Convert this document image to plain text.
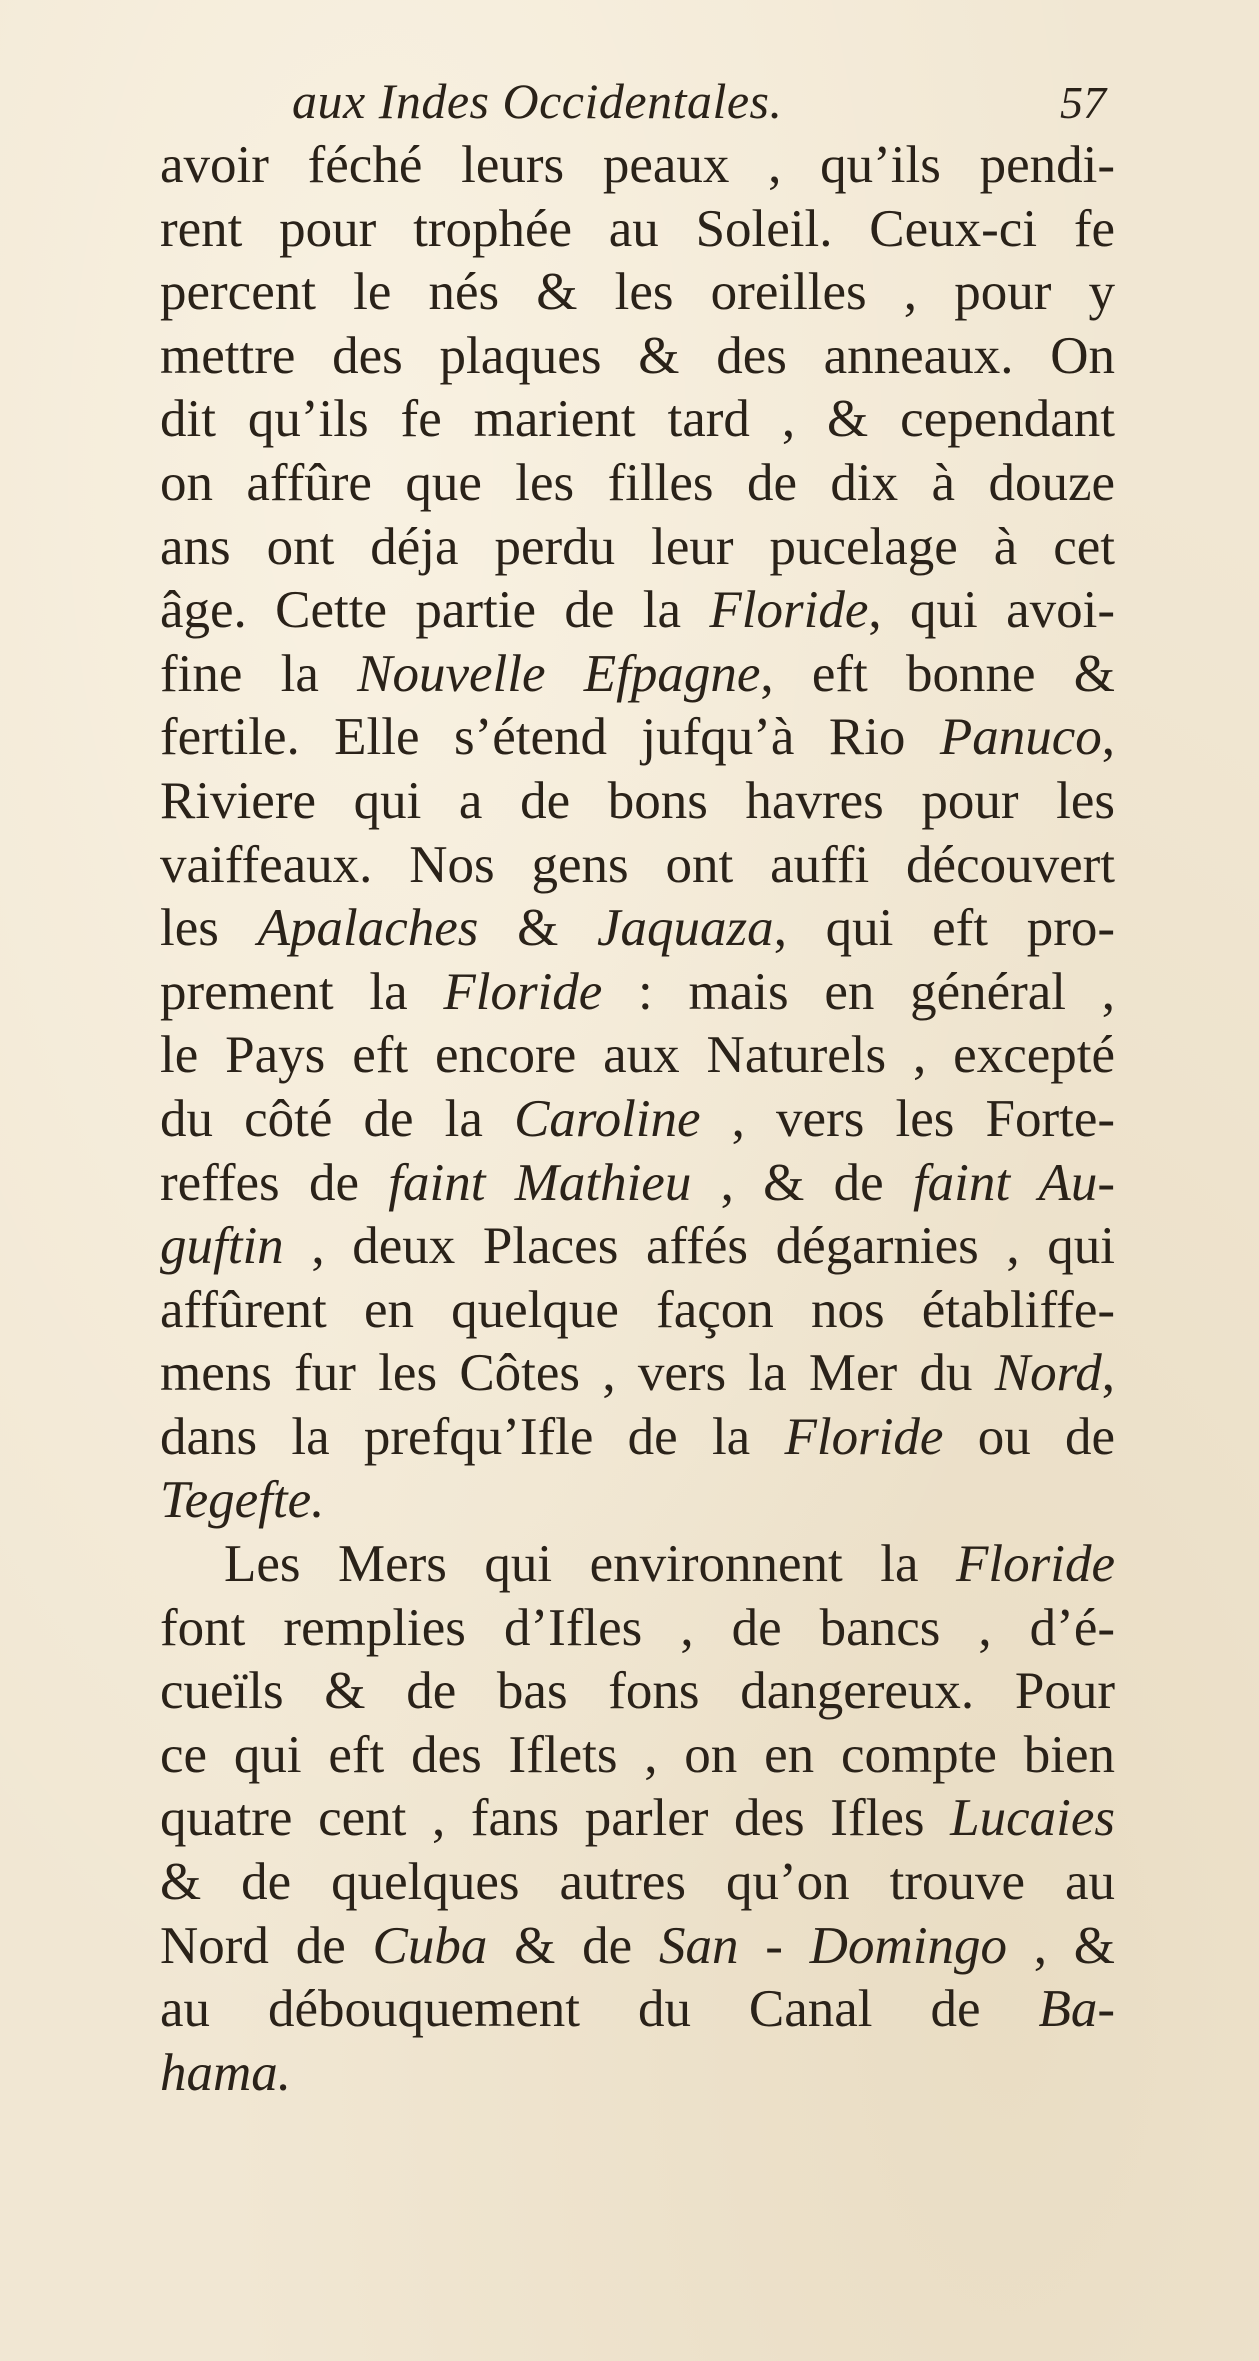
aux Indes Occidentales.	57
avoir féché leurs peaux , qu’ils pendi-
rent pour trophée au Soleil. Ceux-ci fe
percent le nés & les oreilles , pour y
mettre des plaques & des anneaux. On
dit qu’ils fe marient tard , & cependant
on affûre que les filles de dix à douze
ans ont déja perdu leur pucelage à cet
âge. Cette partie de la Floride, qui avoi-
fine la Nouvelle Efpagne, eft bonne &
fertile. Elle s’étend jufqu’à Rio Panuco,
Riviere qui a de bons havres pour les
vaiffeaux. Nos gens ont auffi découvert
les Apalaches & Jaquaza, qui eft pro-
prement la Floride : mais en général ,
le Pays eft encore aux Naturels , excepté
du côté de la Caroline , vers les Forte-
reffes de faint Mathieu , & de faint Au-
guftin , deux Places affés dégarnies , qui
affûrent en quelque façon nos établiffe-
mens fur les Côtes , vers la Mer du Nord,
dans la prefqu’Ifle de la Floride ou de
Tegefte.
Les Mers qui environnent la Floride
font remplies d’Ifles , de bancs , d’é-
cueïls & de bas fons dangereux. Pour
ce qui eft des Iflets , on en compte bien
quatre cent , fans parler des Ifles Lucaies
& de quelques autres qu’on trouve au
Nord de Cuba & de San - Domingo , &
au débouquement du Canal de Ba-
hama.
